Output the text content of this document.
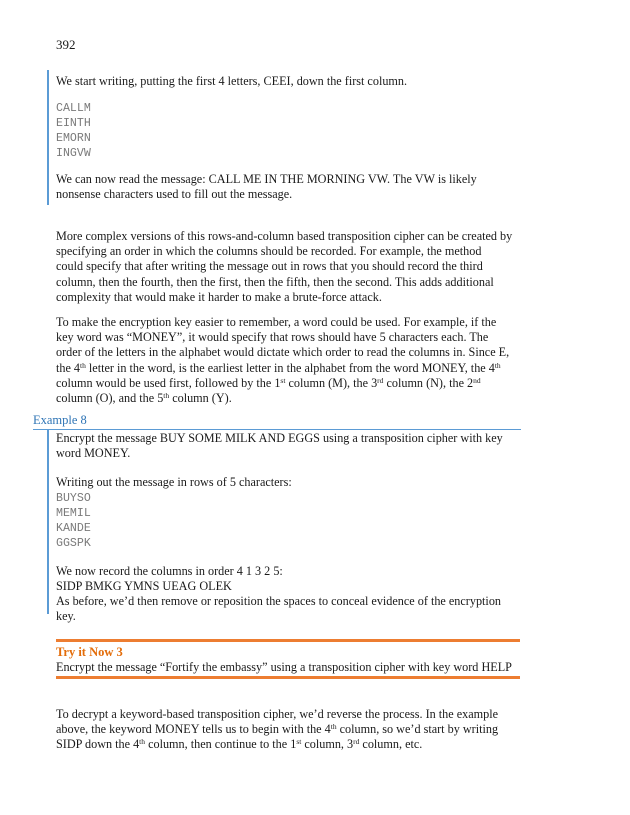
392

We start writing, putting the first 4 letters, CEEI, down the first column.

CALLM

EINTH

EMORN

INGVW

We can now read the message: CALL ME IN THE MORNING VW. The VW is likely

nonsense characters used to fill out the message.

More complex versions of this rows-and-column based transposition cipher can be created by

specifying an order in which the columns should be recorded. For example, the method

could specify that after writing the message out in rows that you should record the third

column, then the fourth, then the first, then the fifth, then the second. This adds additional

complexity that would make it harder to make a brute-force attack.

To make the encryption key easier to remember, a word could be used. For example, if the

key word was “MONEY”, it would specify that rows should have 5 characters each. The

order of the letters in the alphabet would dictate which order to read the columns in. Since E,

the 4th letter in the word, is the earliest letter in the alphabet from the word MONEY, the 4th

column would be used first, followed by the 1st column (M), the 3rd column (N), the 2nd

column (O), and the 5th column (Y).

Example 8

Encrypt the message BUY SOME MILK AND EGGS using a transposition cipher with key

word MONEY.

Writing out the message in rows of 5 characters:

BUYSO

MEMIL

KANDE

GGSPK

We now record the columns in order 4 1 3 2 5:

SIDP BMKG YMNS UEAG OLEK

As before, we’d then remove or reposition the spaces to conceal evidence of the encryption

key.

Try it Now 3

Encrypt the message “Fortify the embassy” using a transposition cipher with key word HELP

To decrypt a keyword-based transposition cipher, we’d reverse the process. In the example

above, the keyword MONEY tells us to begin with the 4th column, so we’d start by writing

SIDP down the 4th column, then continue to the 1st column, 3rd column, etc.
